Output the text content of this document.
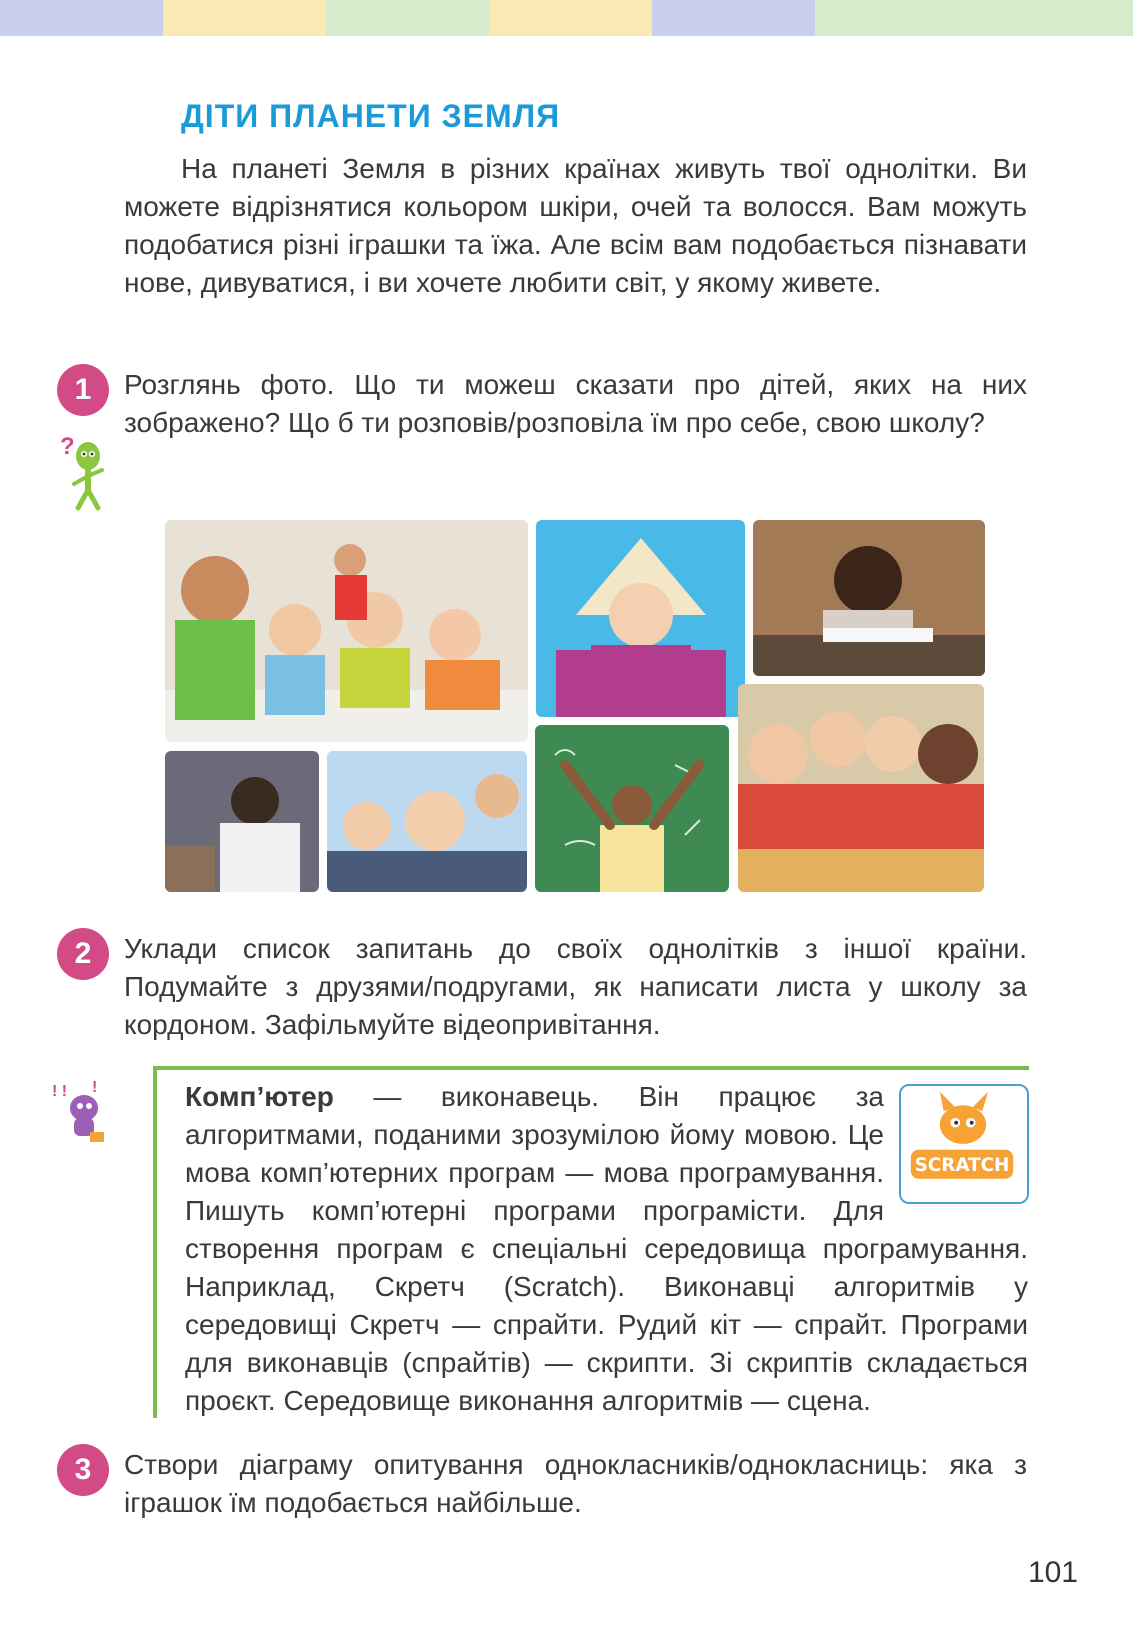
ДІТИ ПЛАНЕТИ ЗЕМЛЯ

На планеті Земля в різних країнах живуть твої однолітки. Ви можете відрізнятися кольором шкіри, очей та волосся. Вам можуть подобатися різні іграшки та їжа. Але всім вам подобається пізнавати нове, дивуватися, і ви хочете любити світ, у якому живете.

1
?

Розглянь фото. Що ти можеш сказати про дітей, яких на них зображено? Що б ти розповів/розповіла їм про себе, свою школу?

2	Уклади список запитань до своїх однолітків з іншої країни. Подумайте з друзями/подругами, як написати листа у школу за кордоном. Зафільмуйте відеопривітання.

! ! !	Комп’ютер — виконавець. Він працює за алгоритмами, поданими зрозумілою йому мовою. Це мова комп’ютерних програм — мова програмування. Пишуть комп’ютерні програми програмісти. Для створення програм є спеціальні середовища програмування. Наприклад, Скретч (Scratch). Виконавці алгоритмів у середовищі Скретч — спрайти. Рудий кіт — спрайт. Програми для виконавців (спрайтів) — скрипти. Зі скриптів складається проєкт. Середовище виконання алгоритмів — сцена.

SCRATCH
3	Створи діаграму опитування однокласників/однокласниць: яка з іграшок їм подобається найбільше.

101
